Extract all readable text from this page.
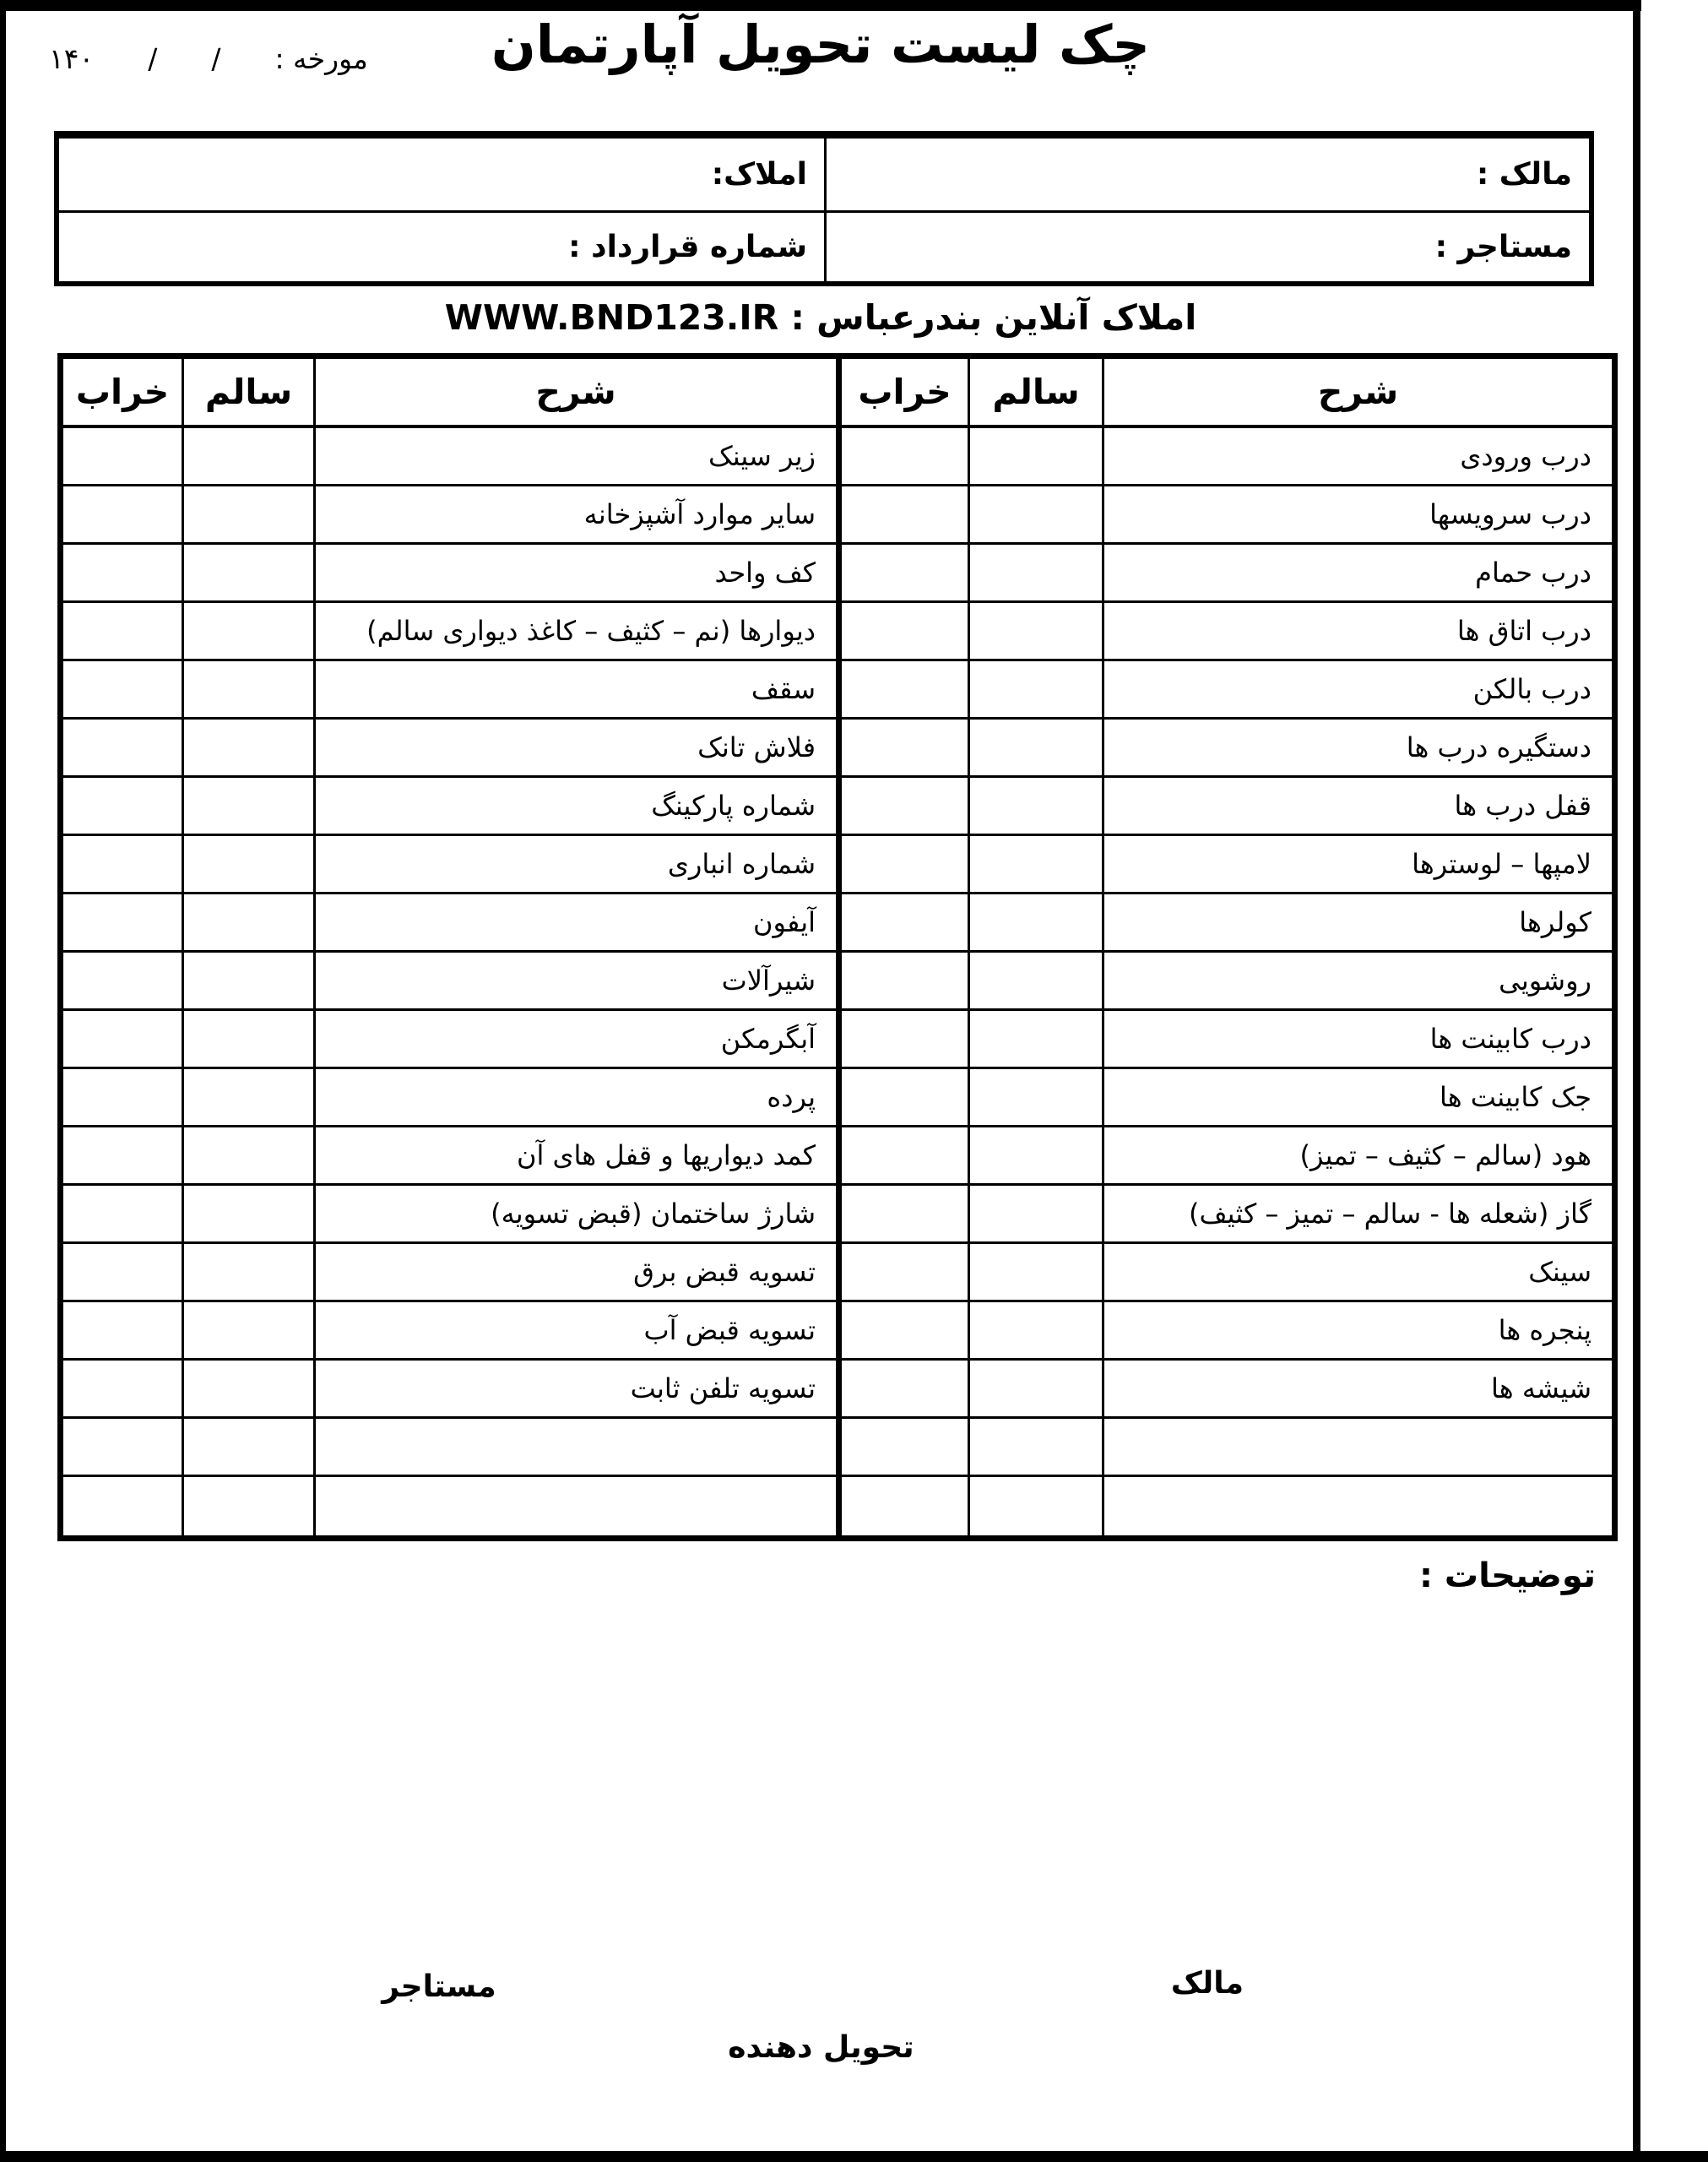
چک لیست تحویل آپارتمان
مورخه :
/
/
۱۴۰
مالک :
املاک:
مستاجر :
شماره قرارداد :
املاک آنلاین بندرعباس : WWW.BND123.IR
شرح
سالم
خراب
شرح
سالم
خراب
درب ورودی
زیر سینک
درب سرویسها
سایر موارد آشپزخانه
درب حمام
کف واحد
درب اتاق ها
دیوارها (نم – کثیف – کاغذ دیواری سالم)
درب بالکن
سقف
دستگیره درب ها
فلاش تانک
قفل درب ها
شماره پارکینگ
لامپها – لوسترها
شماره انباری
کولرها
آیفون
روشویی
شیرآلات
درب کابینت ها
آبگرمکن
جک کابینت ها
پرده
هود (سالم – کثیف – تمیز)
کمد دیواریها و قفل های آن
گاز (شعله ها - سالم – تمیز – کثیف)
شارژ ساختمان (قبض تسویه)
سینک
تسویه قبض برق
پنجره ها
تسویه قبض آب
شیشه ها
تسویه تلفن ثابت
توضیحات :
مالک
مستاجر
تحویل دهنده
